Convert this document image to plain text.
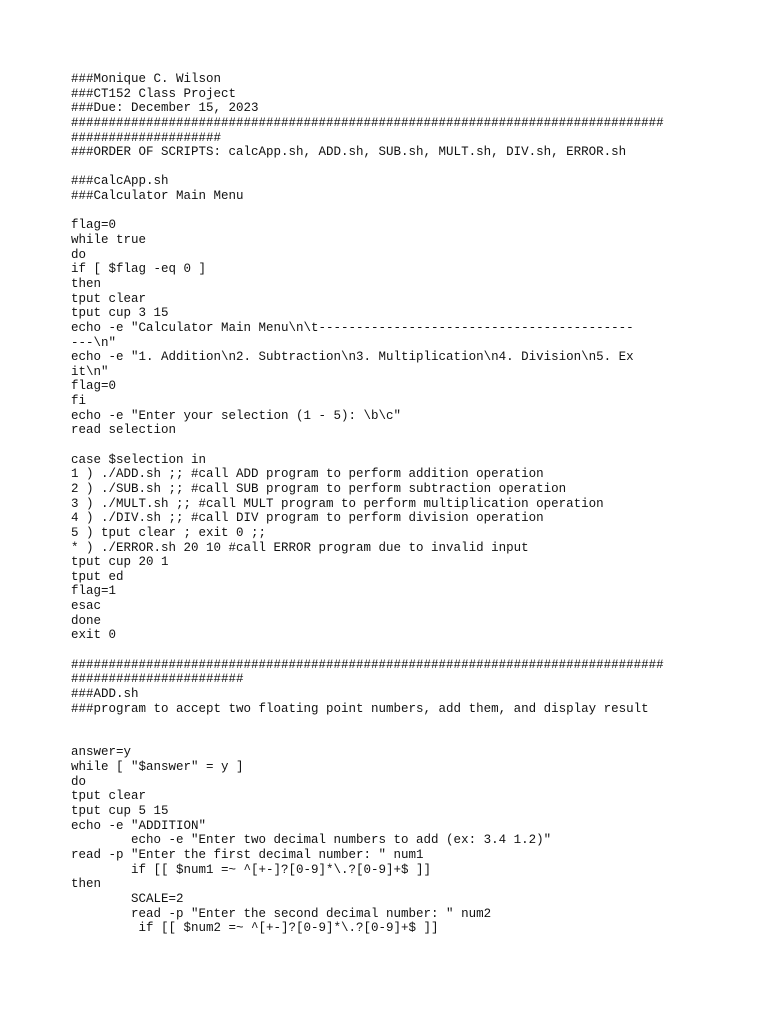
###Monique C. Wilson
###CT152 Class Project
###Due: December 15, 2023
###############################################################################
####################
###ORDER OF SCRIPTS: calcApp.sh, ADD.sh, SUB.sh, MULT.sh, DIV.sh, ERROR.sh
###calcApp.sh
###Calculator Main Menu
flag=0
while true
do
if [ $flag -eq 0 ]
then
tput clear
tput cup 3 15
echo -e "Calculator Main Menu\n\t------------------------------------------
---\n"
echo -e "1. Addition\n2. Subtraction\n3. Multiplication\n4. Division\n5. Ex
it\n"
flag=0
fi
echo -e "Enter your selection (1 - 5): \b\c"
read selection
case $selection in
1 ) ./ADD.sh ;; #call ADD program to perform addition operation
2 ) ./SUB.sh ;; #call SUB program to perform subtraction operation
3 ) ./MULT.sh ;; #call MULT program to perform multiplication operation
4 ) ./DIV.sh ;; #call DIV program to perform division operation
5 ) tput clear ; exit 0 ;;
* ) ./ERROR.sh 20 10 #call ERROR program due to invalid input
tput cup 20 1
tput ed
flag=1
esac
done
exit 0
###############################################################################
#######################
###ADD.sh
###program to accept two floating point numbers, add them, and display result
answer=y
while [ "$answer" = y ]
do
tput clear
tput cup 5 15
echo -e "ADDITION"
echo -e "Enter two decimal numbers to add (ex: 3.4 1.2)"
read -p "Enter the first decimal number: " num1
if [[ $num1 =~ ^[+-]?[0-9]*\.?[0-9]+$ ]]
then
SCALE=2
read -p "Enter the second decimal number: " num2
if [[ $num2 =~ ^[+-]?[0-9]*\.?[0-9]+$ ]]
